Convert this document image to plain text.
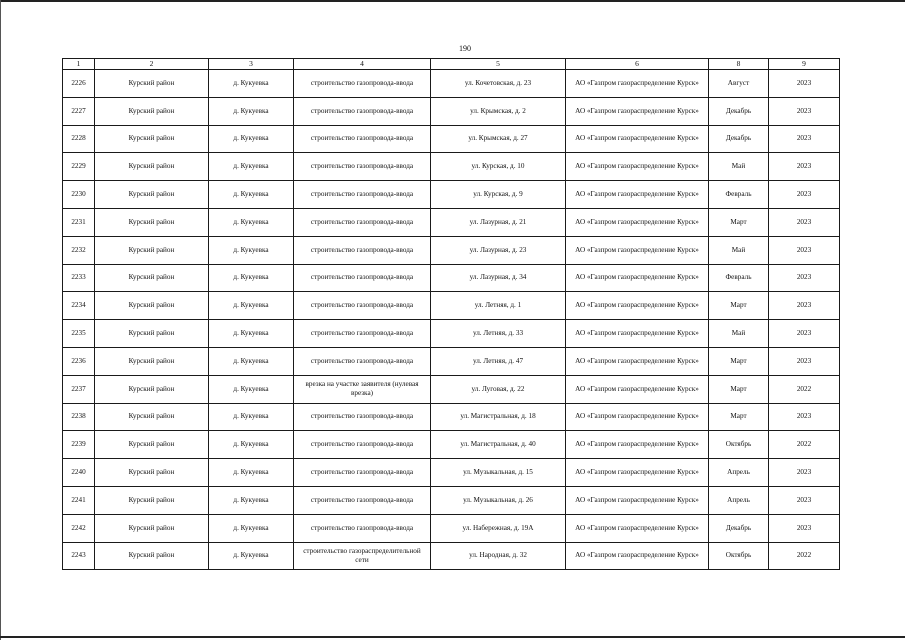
190
1	2	3	4	5	6	8	9
2226	Курский район	д. Кукуевка	строительство газопровода-ввода	ул. Кочетовская, д. 23	АО «Газпром газораспределение Курск»	Август	2023
2227	Курский район	д. Кукуевка	строительство газопровода-ввода	ул. Крымская, д. 2	АО «Газпром газораспределение Курск»	Декабрь	2023
2228	Курский район	д. Кукуевка	строительство газопровода-ввода	ул. Крымская, д. 27	АО «Газпром газораспределение Курск»	Декабрь	2023
2229	Курский район	д. Кукуевка	строительство газопровода-ввода	ул. Курская, д. 10	АО «Газпром газораспределение Курск»	Май	2023
2230	Курский район	д. Кукуевка	строительство газопровода-ввода	ул. Курская, д. 9	АО «Газпром газораспределение Курск»	Февраль	2023
2231	Курский район	д. Кукуевка	строительство газопровода-ввода	ул. Лазурная, д. 21	АО «Газпром газораспределение Курск»	Март	2023
2232	Курский район	д. Кукуевка	строительство газопровода-ввода	ул. Лазурная, д. 23	АО «Газпром газораспределение Курск»	Май	2023
2233	Курский район	д. Кукуевка	строительство газопровода-ввода	ул. Лазурная, д. 34	АО «Газпром газораспределение Курск»	Февраль	2023
2234	Курский район	д. Кукуевка	строительство газопровода-ввода	ул. Летняя, д. 1	АО «Газпром газораспределение Курск»	Март	2023
2235	Курский район	д. Кукуевка	строительство газопровода-ввода	ул. Летняя, д. 33	АО «Газпром газораспределение Курск»	Май	2023
2236	Курский район	д. Кукуевка	строительство газопровода-ввода	ул. Летняя, д. 47	АО «Газпром газораспределение Курск»	Март	2023
2237	Курский район	д. Кукуевка	врезка на участке заявителя (нулевая врезка)	ул. Луговая, д. 22	АО «Газпром газораспределение Курск»	Март	2022
2238	Курский район	д. Кукуевка	строительство газопровода-ввода	ул. Магистральная, д. 18	АО «Газпром газораспределение Курск»	Март	2023
2239	Курский район	д. Кукуевка	строительство газопровода-ввода	ул. Магистральная, д. 40	АО «Газпром газораспределение Курск»	Октябрь	2022
2240	Курский район	д. Кукуевка	строительство газопровода-ввода	ул. Музыкальная, д. 15	АО «Газпром газораспределение Курск»	Апрель	2023
2241	Курский район	д. Кукуевка	строительство газопровода-ввода	ул. Музыкальная, д. 26	АО «Газпром газораспределение Курск»	Апрель	2023
2242	Курский район	д. Кукуевка	строительство газопровода-ввода	ул. Набережная, д. 19А	АО «Газпром газораспределение Курск»	Декабрь	2023
2243	Курский район	д. Кукуевка	строительство газораспределительной сети	ул. Народная, д. 32	АО «Газпром газораспределение Курск»	Октябрь	2022
